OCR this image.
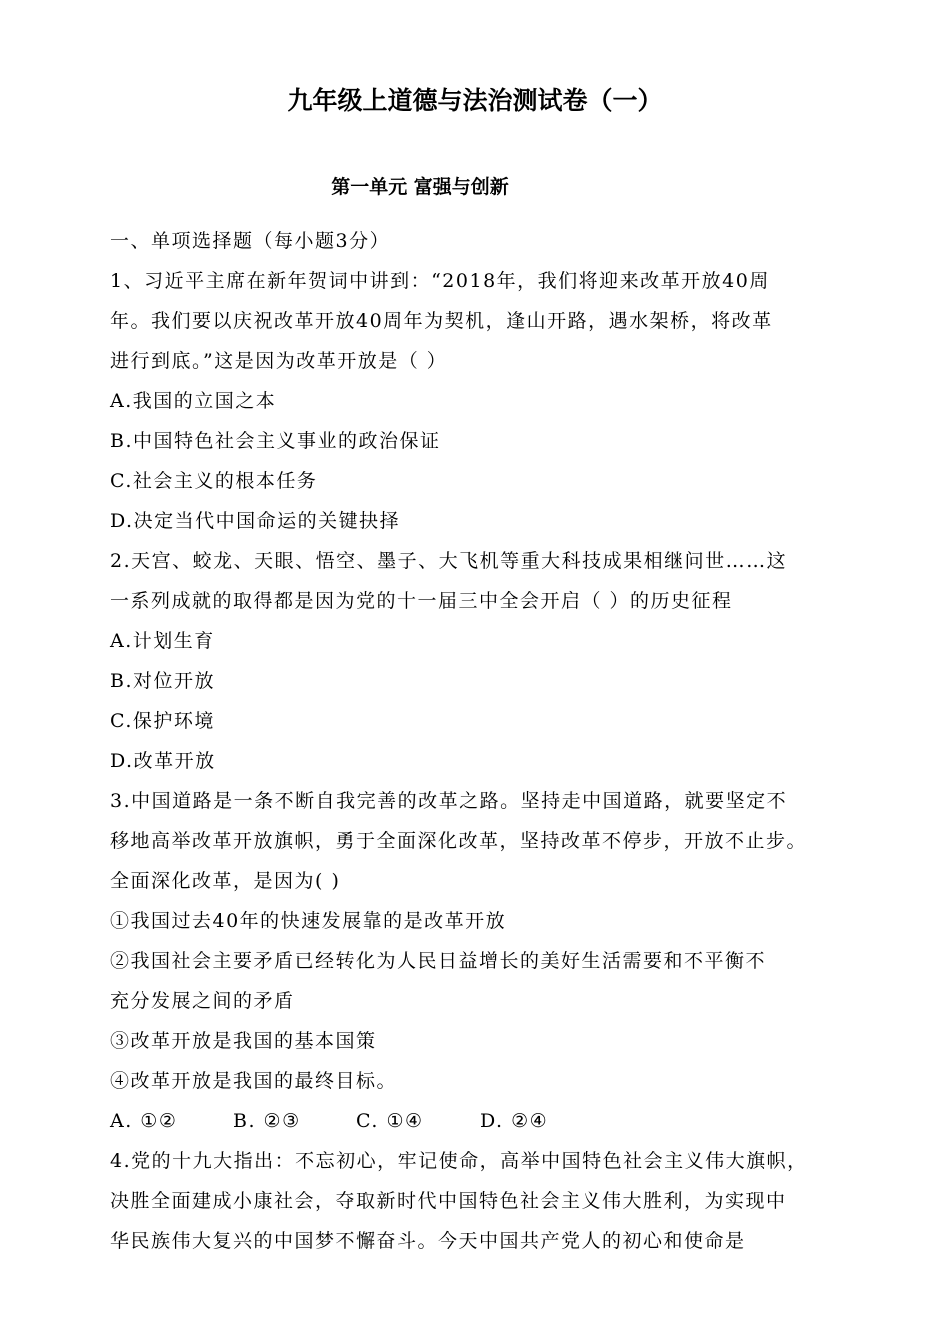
九年级上道德与法治测试卷（一）
第一单元 富强与创新
一、单项选择题（每小题3分）
1、习近平主席在新年贺词中讲到：“2018年，我们将迎来改革开放40周
年。我们要以庆祝改革开放40周年为契机，逢山开路，遇水架桥，将改革
进行到底。”这是因为改革开放是（ ）
A.我国的立国之本
B.中国特色社会主义事业的政治保证
C.社会主义的根本任务
D.决定当代中国命运的关键抉择
2.天宫、蛟龙、天眼、悟空、墨子、大飞机等重大科技成果相继问世……这
一系列成就的取得都是因为党的十一届三中全会开启（ ）的历史征程
A.计划生育
B.对位开放
C.保护环境
D.改革开放
3.中国道路是一条不断自我完善的改革之路。坚持走中国道路，就要坚定不
移地高举改革开放旗帜，勇于全面深化改革，坚持改革不停步，开放不止步。
全面深化改革，是因为( )
①我国过去40年的快速发展靠的是改革开放
②我国社会主要矛盾已经转化为人民日益增长的美好生活需要和不平衡不
充分发展之间的矛盾
③改革开放是我国的基本国策
④改革开放是我国的最终目标。
A. ①②	B. ②③	C. ①④	D. ②④
4.党的十九大指出：不忘初心，牢记使命，高举中国特色社会主义伟大旗帜，
决胜全面建成小康社会，夺取新时代中国特色社会主义伟大胜利，为实现中
华民族伟大复兴的中国梦不懈奋斗。今天中国共产党人的初心和使命是
